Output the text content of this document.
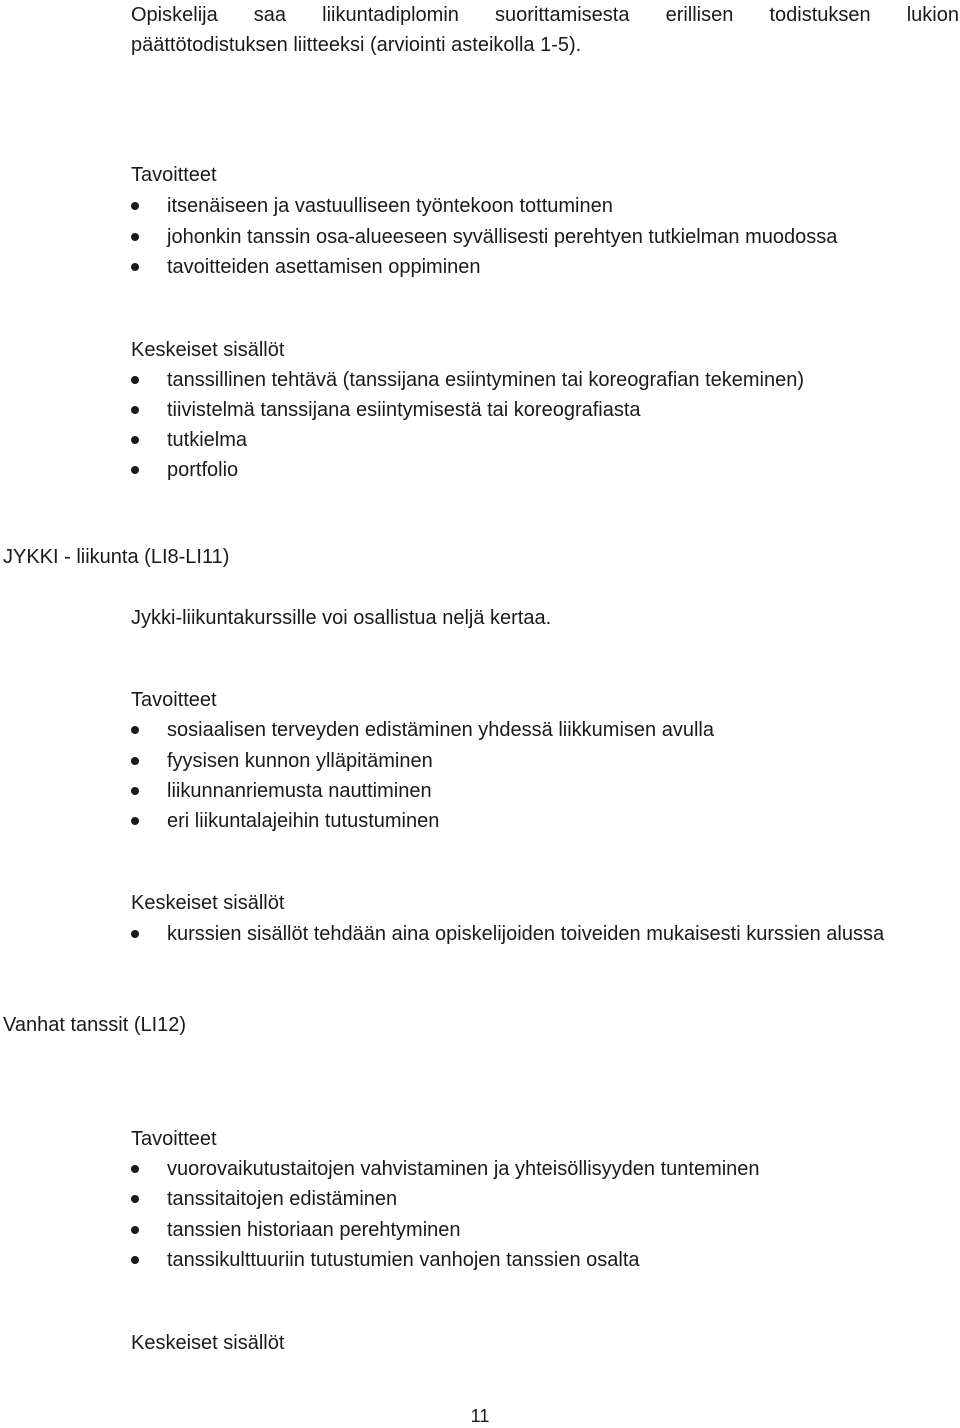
Opiskelija saa liikuntadiplomin suorittamisesta erillisen todistuksen lukion
päättötodistuksen liitteeksi (arviointi asteikolla 1-5).
Tavoitteet
itsenäiseen ja vastuulliseen työntekoon tottuminen
johonkin tanssin osa-alueeseen syvällisesti perehtyen tutkielman muodossa
tavoitteiden asettamisen oppiminen
Keskeiset sisällöt
tanssillinen tehtävä (tanssijana esiintyminen tai koreografian tekeminen)
tiivistelmä tanssijana esiintymisestä tai koreografiasta
tutkielma
portfolio
JYKKI - liikunta (LI8-LI11)
Jykki-liikuntakurssille voi osallistua neljä kertaa.
Tavoitteet
sosiaalisen terveyden edistäminen yhdessä liikkumisen avulla
fyysisen kunnon ylläpitäminen
liikunnanriemusta nauttiminen
eri liikuntalajeihin tutustuminen
Keskeiset sisällöt
kurssien sisällöt tehdään aina opiskelijoiden toiveiden mukaisesti kurssien alussa
Vanhat tanssit (LI12)
Tavoitteet
vuorovaikutustaitojen vahvistaminen ja yhteisöllisyyden tunteminen
tanssitaitojen edistäminen
tanssien historiaan perehtyminen
tanssikulttuuriin tutustumien vanhojen tanssien osalta
Keskeiset sisällöt
11
